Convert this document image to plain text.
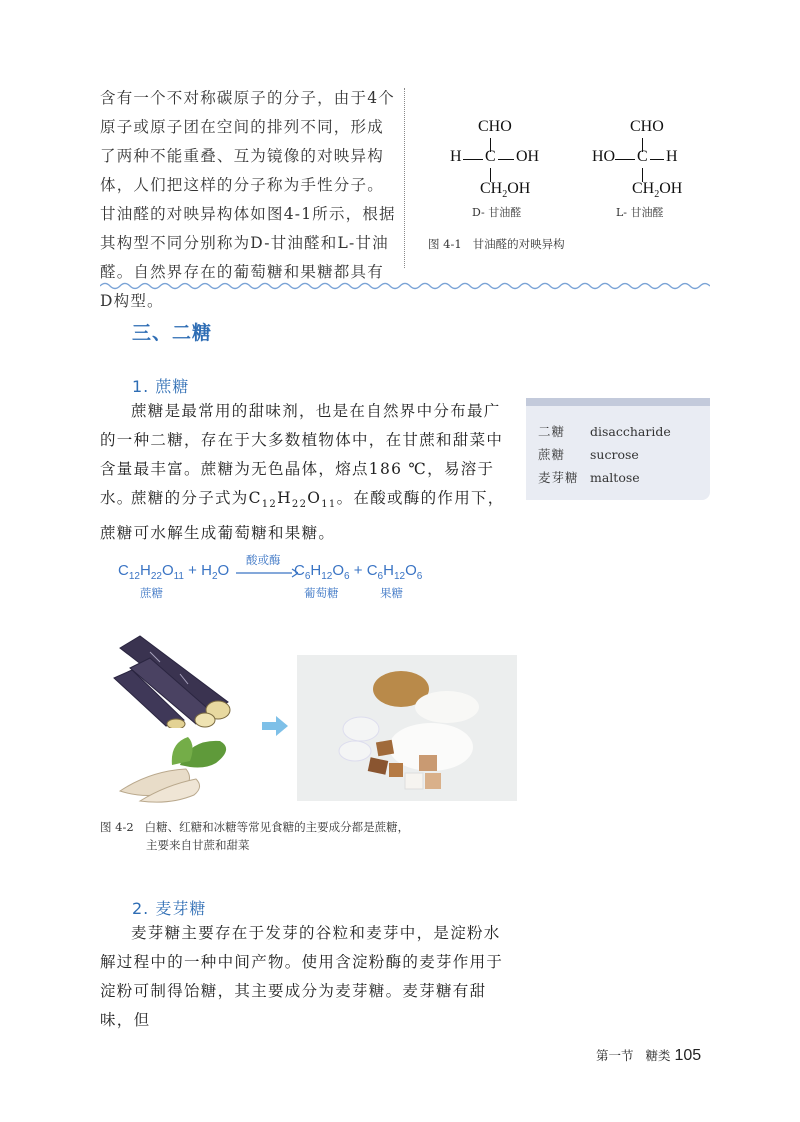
含有一个不对称碳原子的分子，由于4个原子或原子团在空间的排列不同，形成了两种不能重叠、互为镜像的对映异构体，人们把这样的分子称为手性分子。甘油醛的对映异构体如图4-1所示，根据其构型不同分别称为D-甘油醛和L-甘油醛。自然界存在的葡萄糖和果糖都具有D构型。
CHO
H C OH
$CH_2OH$
D- 甘油醛
CHO
HO C H
$CH_2OH$
L- 甘油醛
图 4-1 甘油醛的对映异构
三、二糖
1. 蔗糖
蔗糖是最常用的甜味剂，也是在自然界中分布最广的一种二糖，存在于大多数植物体中，在甘蔗和甜菜中含量最丰富。蔗糖为无色晶体，熔点186 ℃，易溶于水。
蔗糖的分子式为$C_{12}H_{22}O_{11}$。在酸或酶的作用下，蔗糖可水解生成葡萄糖和果糖。
二糖 disaccharide
蔗糖 sucrose
麦芽糖 maltose
$C_{12}H_{22}O_{11} + H_2O$
酸或酶
$C_6H_{12}O_6 + C_6H_{12}O_6$
蔗糖	葡萄糖	果糖
图 4-2 白糖、红糖和冰糖等常见食糖的主要成分都是蔗糖，
主要来自甘蔗和甜菜
2. 麦芽糖
麦芽糖主要存在于发芽的谷粒和麦芽中，是淀粉水解过程中的一种中间产物。使用含淀粉酶的麦芽作用于淀粉可制得饴糖，其主要成分为麦芽糖。麦芽糖有甜味，但
第一节 糖类 105
